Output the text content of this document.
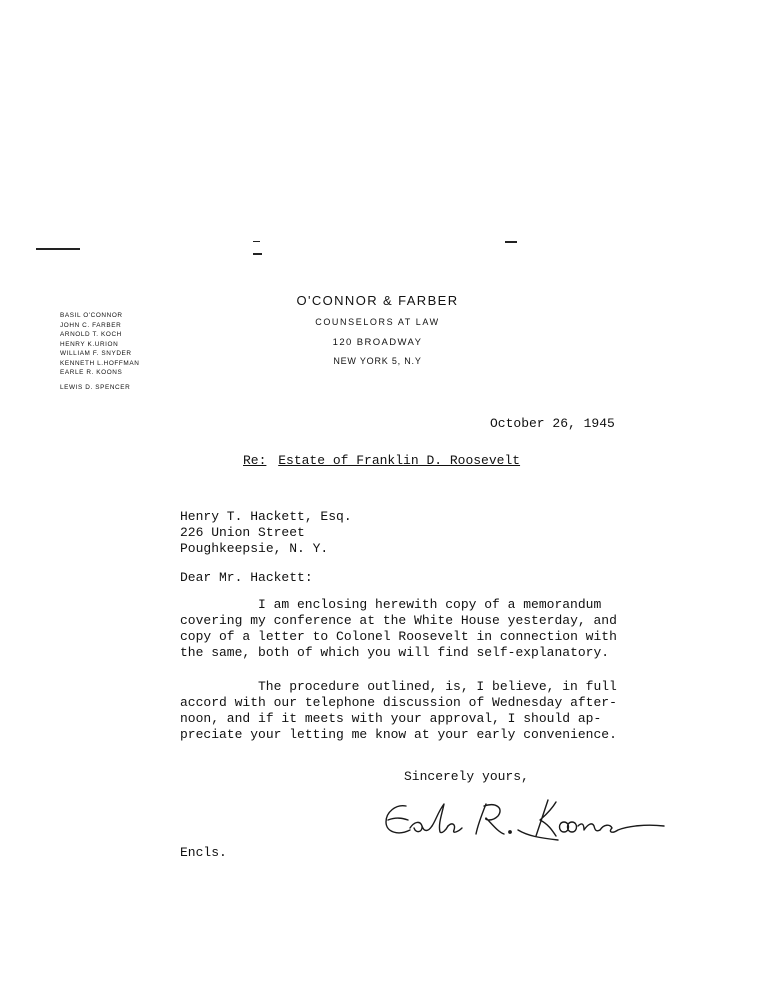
O'CONNOR & FARBER
COUNSELORS AT LAW
120 BROADWAY
NEW YORK 5, N.Y
BASIL O'CONNOR
JOHN C. FARBER
ARNOLD T. KOCH
HENRY K.URION
WILLIAM F. SNYDER
KENNETH L.HOFFMAN
EARLE R. KOONS
LEWIS D. SPENCER
October 26, 1945
Re: Estate of Franklin D. Roosevelt
Henry T. Hackett, Esq.
226 Union Street
Poughkeepsie, N. Y.
Dear Mr. Hackett:
I am enclosing herewith copy of a memorandum
covering my conference at the White House yesterday, and
copy of a letter to Colonel Roosevelt in connection with
the same, both of which you will find self-explanatory.
The procedure outlined, is, I believe, in full
accord with our telephone discussion of Wednesday after-
noon, and if it meets with your approval, I should ap-
preciate your letting me know at your early convenience.
Sincerely yours,
Encls.
